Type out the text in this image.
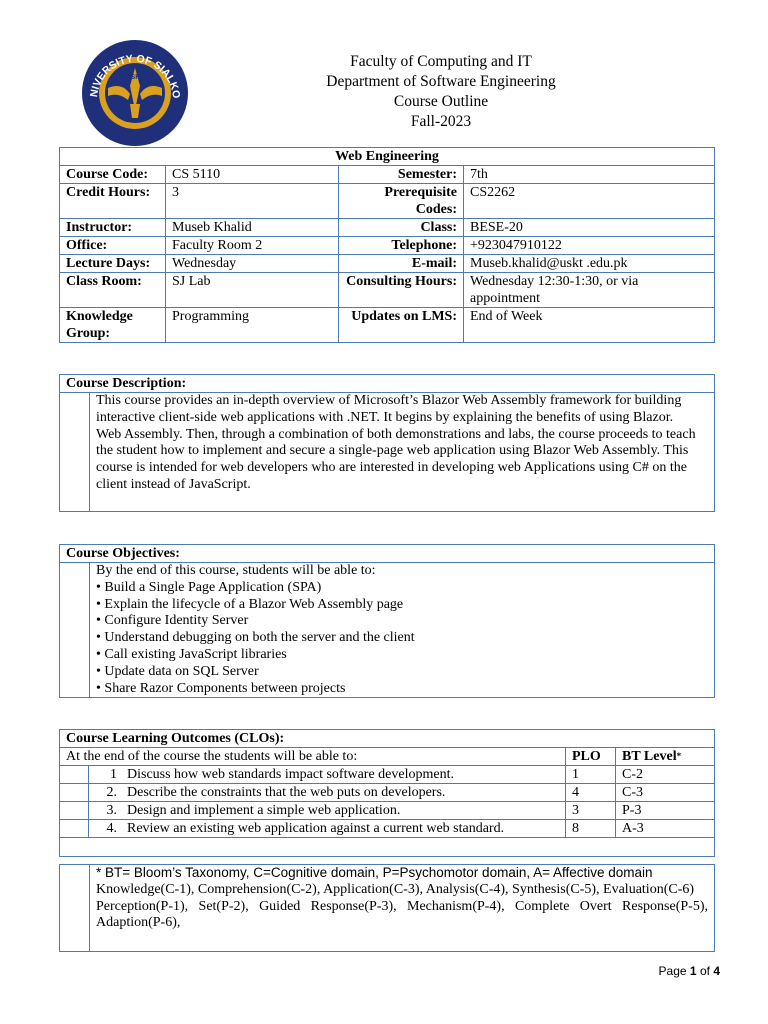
NIVERSITY OF SIALKO
USKT
Faculty of Computing and IT
Department of Software Engineering
Course Outline
Fall-2023
Web Engineering			
Course Code:	CS 5110	Semester:	7th
Credit Hours:	3	Prerequisite Codes:	CS2262
Instructor:	Museb Khalid	Class:	BESE-20
Office:	Faculty Room 2	Telephone:	+923047910122
Lecture Days:	Wednesday	E-mail:	Museb.khalid@uskt .edu.pk
Class Room:	SJ Lab	Consulting Hours:	Wednesday 12:30-1:30, or via appointment
Knowledge Group:	Programming	Updates on LMS:	End of Week
Course Description:
This course provides an in-depth overview of Microsoft’s Blazor Web Assembly framework for building interactive client-side web applications with .NET. It begins by explaining the benefits of using Blazor.
Web Assembly. Then, through a combination of both demonstrations and labs, the course proceeds to teach the student how to implement and secure a single-page web application using Blazor Web Assembly. This course is intended for web developers who are interested in developing web Applications using C# on the client instead of JavaScript.
Course Objectives:
By the end of this course, students will be able to:
• Build a Single Page Application (SPA)
• Explain the lifecycle of a Blazor Web Assembly page
• Configure Identity Server
• Understand debugging on both the server and the client
• Call existing JavaScript libraries
• Update data on SQL Server
• Share Razor Components between projects
Course Learning Outcomes (CLOs):			
At the end of the course the students will be able to:		PLO	BT Level*
	1 Discuss how web standards impact software development.	1	C-2
	2. Describe the constraints that the web puts on developers.	4	C-3
	3. Design and implement a simple web application.	3	P-3
	4. Review an existing web application against a current web standard.	8	A-3

* BT= Bloom’s Taxonomy, C=Cognitive domain, P=Psychomotor domain, A= Affective domain
Knowledge(C-1), Comprehension(C-2), Application(C-3), Analysis(C-4), Synthesis(C-5), Evaluation(C-6)
Perception(P-1), Set(P-2), Guided Response(P-3), Mechanism(P-4), Complete Overt Response(P-5), Adaption(P-6),
Page 1 of 4
